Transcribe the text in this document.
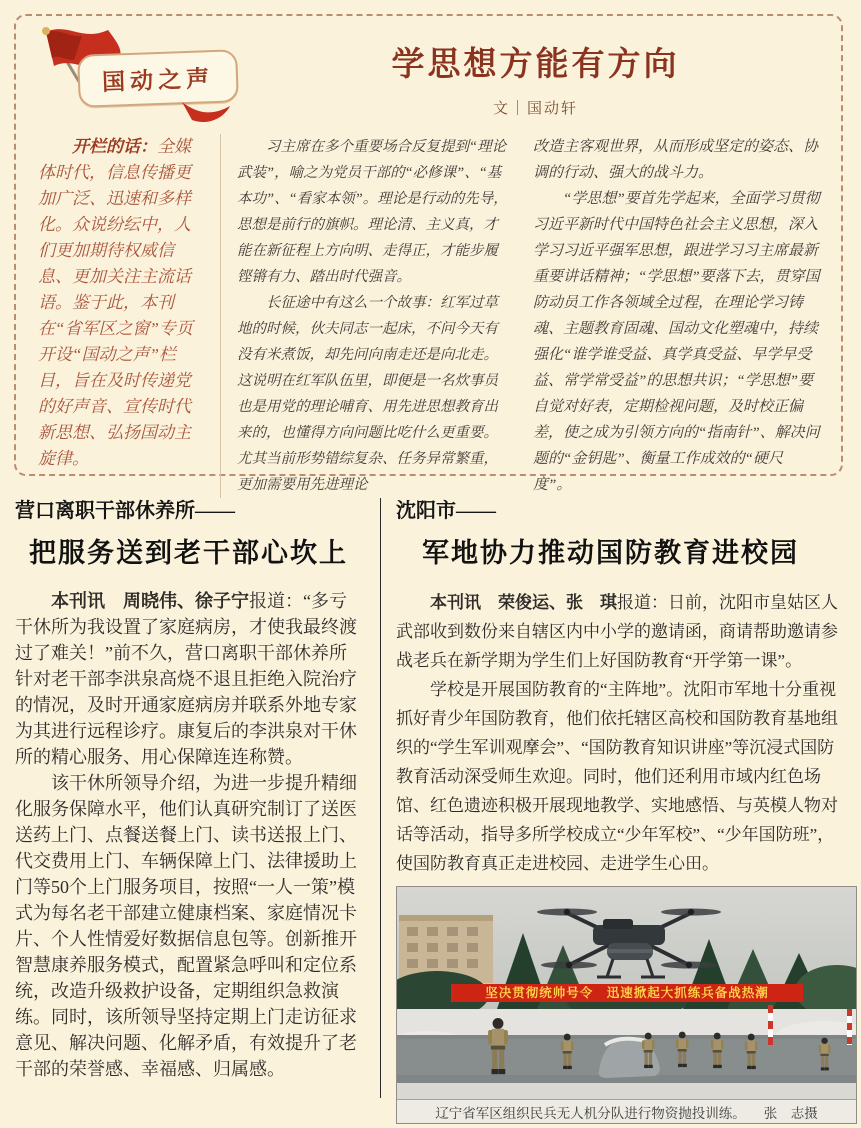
国动之声	学思想方能有方向
文｜国动轩

开栏的话：全媒体时代，信息传播更加广泛、迅速和多样化。众说纷纭中，人们更加期待权威信息、更加关注主流话语。鉴于此，本刊在“省军区之窗”专页开设“国动之声”栏目，旨在及时传递党的好声音、宣传时代新思想、弘扬国动主旋律。

习主席在多个重要场合反复提到“理论武装”，喻之为党员干部的“必修课”、“基本功”、“看家本领”。理论是行动的先导，思想是前行的旗帜。理论清、主义真，才能在新征程上方向明、走得正，才能步履铿锵有力、踏出时代强音。

长征途中有这么一个故事：红军过草地的时候，伙夫同志一起床，不问今天有没有米煮饭，却先问向南走还是向北走。这说明在红军队伍里，即便是一名炊事员也是用党的理论哺育、用先进思想教育出来的，也懂得方向问题比吃什么更重要。尤其当前形势错综复杂、任务异常繁重，更加需要用先进理论

改造主客观世界，从而形成坚定的姿态、协调的行动、强大的战斗力。

“学思想”要首先学起来，全面学习贯彻习近平新时代中国特色社会主义思想，深入学习习近平强军思想，跟进学习习主席最新重要讲话精神；“学思想”要落下去，贯穿国防动员工作各领域全过程，在理论学习铸魂、主题教育固魂、国动文化塑魂中，持续强化“谁学谁受益、真学真受益、早学早受益、常学常受益”的思想共识；“学思想”要自觉对好表，定期检视问题，及时校正偏差，使之成为引领方向的“指南针”、解决问题的“金钥匙”、衡量工作成效的“硬尺度”。

营口离职干部休养所——

把服务送到老干部心坎上

本刊讯 周晓伟、徐子宁报道：“多亏干休所为我设置了家庭病房，才使我最终渡过了难关！”前不久，营口离职干部休养所针对老干部李洪泉高烧不退且拒绝入院治疗的情况，及时开通家庭病房并联系外地专家为其进行远程诊疗。康复后的李洪泉对干休所的精心服务、用心保障连连称赞。

该干休所领导介绍，为进一步提升精细化服务保障水平，他们认真研究制订了送医送药上门、点餐送餐上门、读书送报上门、代交费用上门、车辆保障上门、法律援助上门等50个上门服务项目，按照“一人一策”模式为每名老干部建立健康档案、家庭情况卡片、个人性情爱好数据信息包等。创新推开智慧康养服务模式，配置紧急呼叫和定位系统，改造升级救护设备，定期组织急救演练。同时，该所领导坚持定期上门走访征求意见、解决问题、化解矛盾，有效提升了老干部的荣誉感、幸福感、归属感。

沈阳市——

军地协力推动国防教育进校园

本刊讯 荣俊运、张　琪报道：日前，沈阳市皇姑区人武部收到数份来自辖区内中小学的邀请函，商请帮助邀请参战老兵在新学期为学生们上好国防教育“开学第一课”。

学校是开展国防教育的“主阵地”。沈阳市军地十分重视抓好青少年国防教育，他们依托辖区高校和国防教育基地组织的“学生军训观摩会”、“国防教育知识讲座”等沉浸式国防教育活动深受师生欢迎。同时，他们还利用市域内红色场馆、红色遗迹积极开展现地教学、实地感悟、与英模人物对话等活动，指导多所学校成立“少年军校”、“少年国防班”，使国防教育真正走进校园、走进学生心田。

坚决贯彻统帅号令　迅速掀起大抓练兵备战热潮
辽宁省军区组织民兵无人机分队进行物资抛投训练。 张　志摄
